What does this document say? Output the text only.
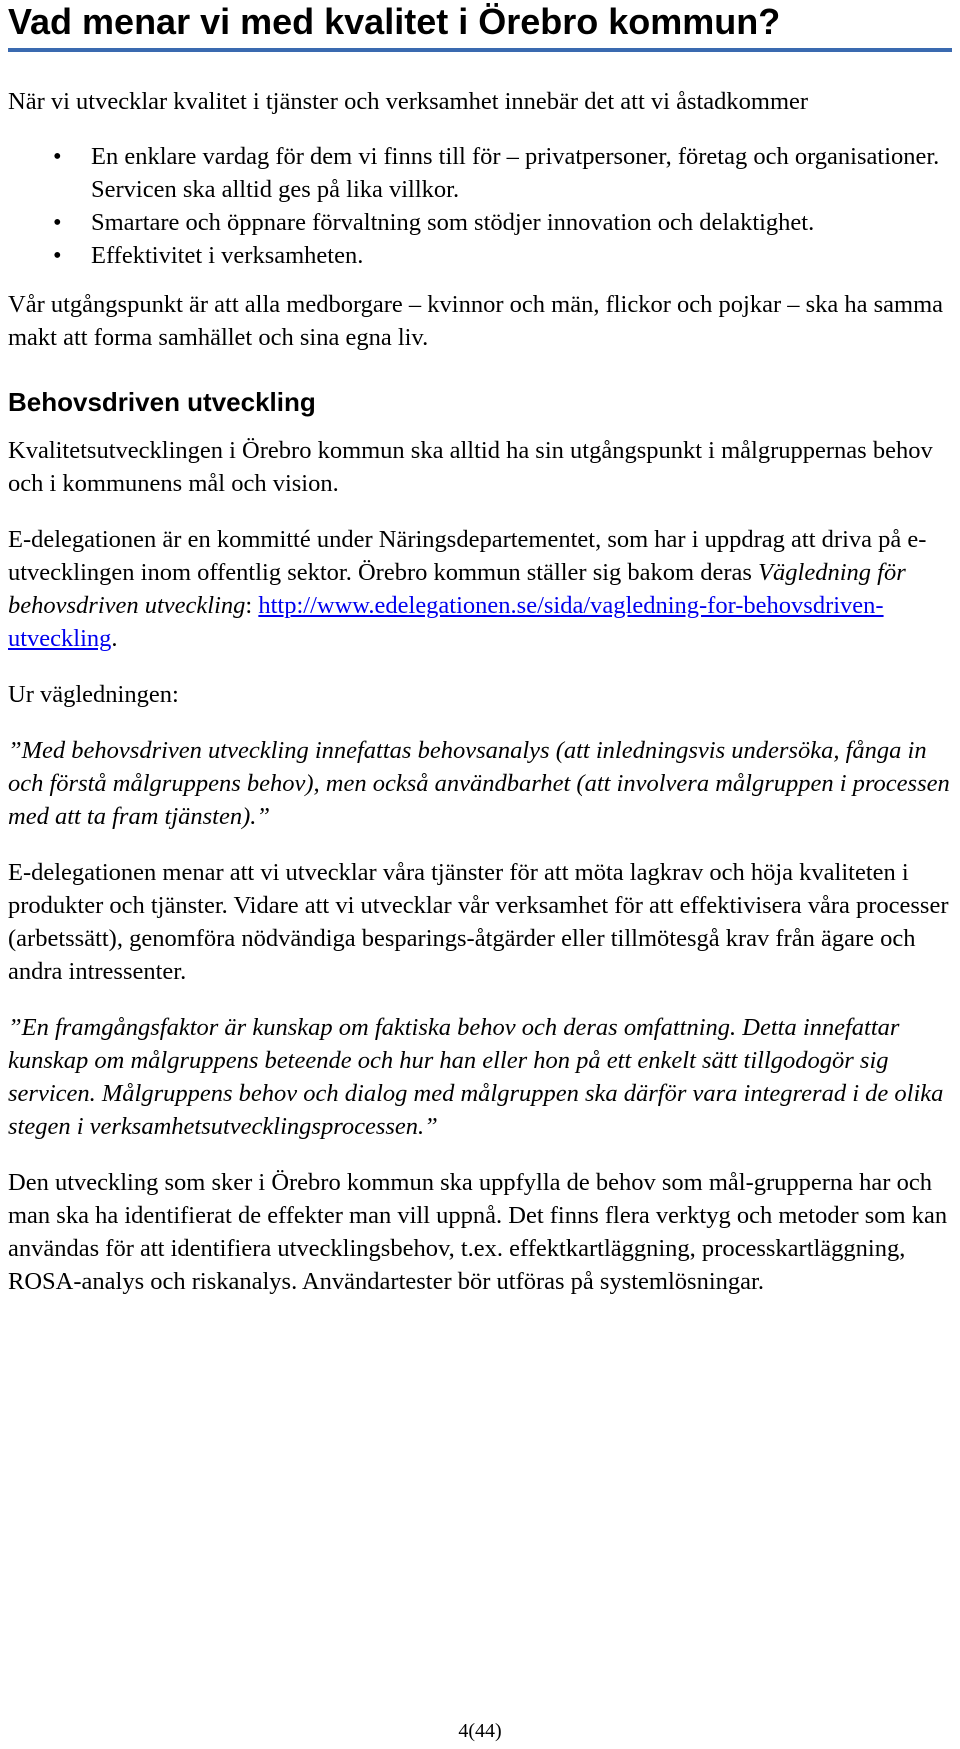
Vad menar vi med kvalitet i Örebro kommun?

När vi utvecklar kvalitet i tjänster och verksamhet innebär det att vi åstadkommer

• En enklare vardag för dem vi finns till för – privatpersoner, företag och organisationer. Servicen ska alltid ges på lika villkor.
• Smartare och öppnare förvaltning som stödjer innovation och delaktighet.
• Effektivitet i verksamheten.

Vår utgångspunkt är att alla medborgare – kvinnor och män, flickor och pojkar – ska ha samma makt att forma samhället och sina egna liv.

Behovsdriven utveckling

Kvalitetsutvecklingen i Örebro kommun ska alltid ha sin utgångspunkt i målgruppernas behov och i kommunens mål och vision.

E-delegationen är en kommitté under Näringsdepartementet, som har i uppdrag att driva på e-utvecklingen inom offentlig sektor. Örebro kommun ställer sig bakom deras Vägledning för behovsdriven utveckling: http://www.edelegationen.se/sida/vagledning-for-behovsdriven-utveckling.

Ur vägledningen:

”Med behovsdriven utveckling innefattas behovsanalys (att inledningsvis undersöka, fånga in och förstå målgruppens behov), men också användbarhet (att involvera målgruppen i processen med att ta fram tjänsten).”

E-delegationen menar att vi utvecklar våra tjänster för att möta lagkrav och höja kvaliteten i produkter och tjänster. Vidare att vi utvecklar vår verksamhet för att effektivisera våra processer (arbetssätt), genomföra nödvändiga besparings-åtgärder eller tillmötesgå krav från ägare och andra intressenter.

”En framgångsfaktor är kunskap om faktiska behov och deras omfattning. Detta innefattar kunskap om målgruppens beteende och hur han eller hon på ett enkelt sätt tillgodogör sig servicen. Målgruppens behov och dialog med målgruppen ska därför vara integrerad i de olika stegen i verksamhetsutvecklingsprocessen.”

Den utveckling som sker i Örebro kommun ska uppfylla de behov som mål-grupperna har och man ska ha identifierat de effekter man vill uppnå. Det finns flera verktyg och metoder som kan användas för att identifiera utvecklingsbehov, t.ex. effektkartläggning, processkartläggning, ROSA-analys och riskanalys. Användartester bör utföras på systemlösningar.

4(44)
